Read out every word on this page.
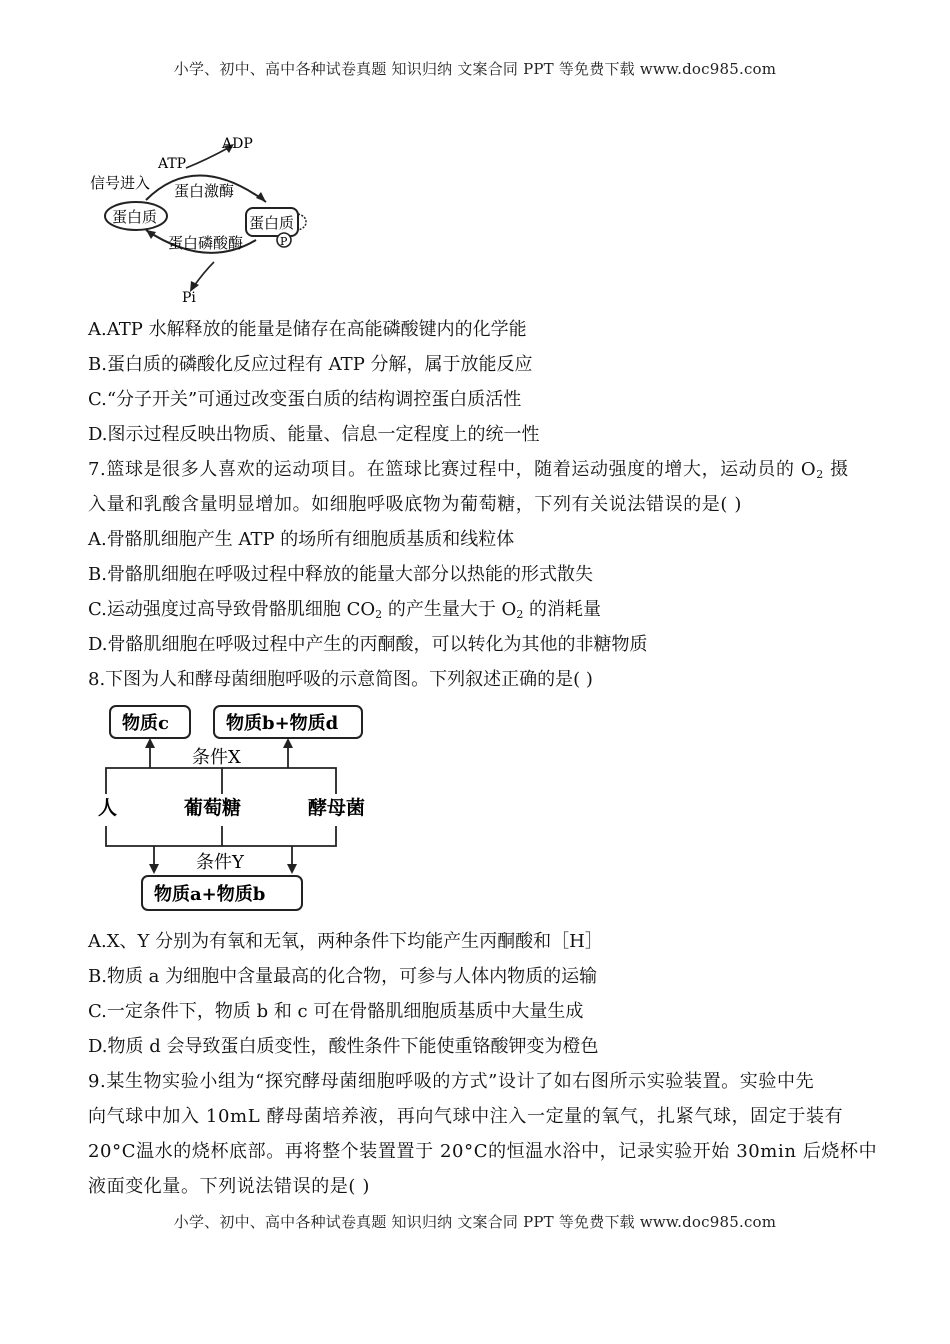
小学、初中、高中各种试卷真题 知识归纳 文案合同 PPT 等免费下载 www.doc985.com
ADP
ATP
信号进入 蛋白激酶
蛋白质	蛋白质
P
蛋白磷酸酶
Pi
A.ATP 水解释放的能量是储存在高能磷酸键内的化学能
B.蛋白质的磷酸化反应过程有 ATP 分解，属于放能反应
C.“分子开关”可通过改变蛋白质的结构调控蛋白质活性
D.图示过程反映出物质、能量、信息一定程度上的统一性
7.篮球是很多人喜欢的运动项目。在篮球比赛过程中，随着运动强度的增大，运动员的 $O_2$ 摄
入量和乳酸含量明显增加。如细胞呼吸底物为葡萄糖，下列有关说法错误的是( )
A.骨骼肌细胞产生 ATP 的场所有细胞质基质和线粒体
B.骨骼肌细胞在呼吸过程中释放的能量大部分以热能的形式散失
C.运动强度过高导致骨骼肌细胞 $CO_2$ 的产生量大于 $O_2$ 的消耗量
D.骨骼肌细胞在呼吸过程中产生的丙酮酸，可以转化为其他的非糖物质
8.下图为人和酵母菌细胞呼吸的示意简图。下列叙述正确的是( )
物质c	物质b+物质d
条件X
人	葡萄糖	酵母菌
条件Y
物质a+物质b
A.X、Y 分别为有氧和无氧，两种条件下均能产生丙酮酸和［H］
B.物质 a 为细胞中含量最高的化合物，可参与人体内物质的运输
C.一定条件下，物质 b 和 c 可在骨骼肌细胞质基质中大量生成
D.物质 d 会导致蛋白质变性，酸性条件下能使重铬酸钾变为橙色
9.某生物实验小组为“探究酵母菌细胞呼吸的方式”设计了如右图所示实验装置。实验中先
向气球中加入 10mL 酵母菌培养液，再向气球中注入一定量的氧气，扎紧气球，固定于装有
20°C温水的烧杯底部。再将整个装置置于 20°C的恒温水浴中，记录实验开始 30min 后烧杯中
液面变化量。下列说法错误的是( )
小学、初中、高中各种试卷真题 知识归纳 文案合同 PPT 等免费下载 www.doc985.com
